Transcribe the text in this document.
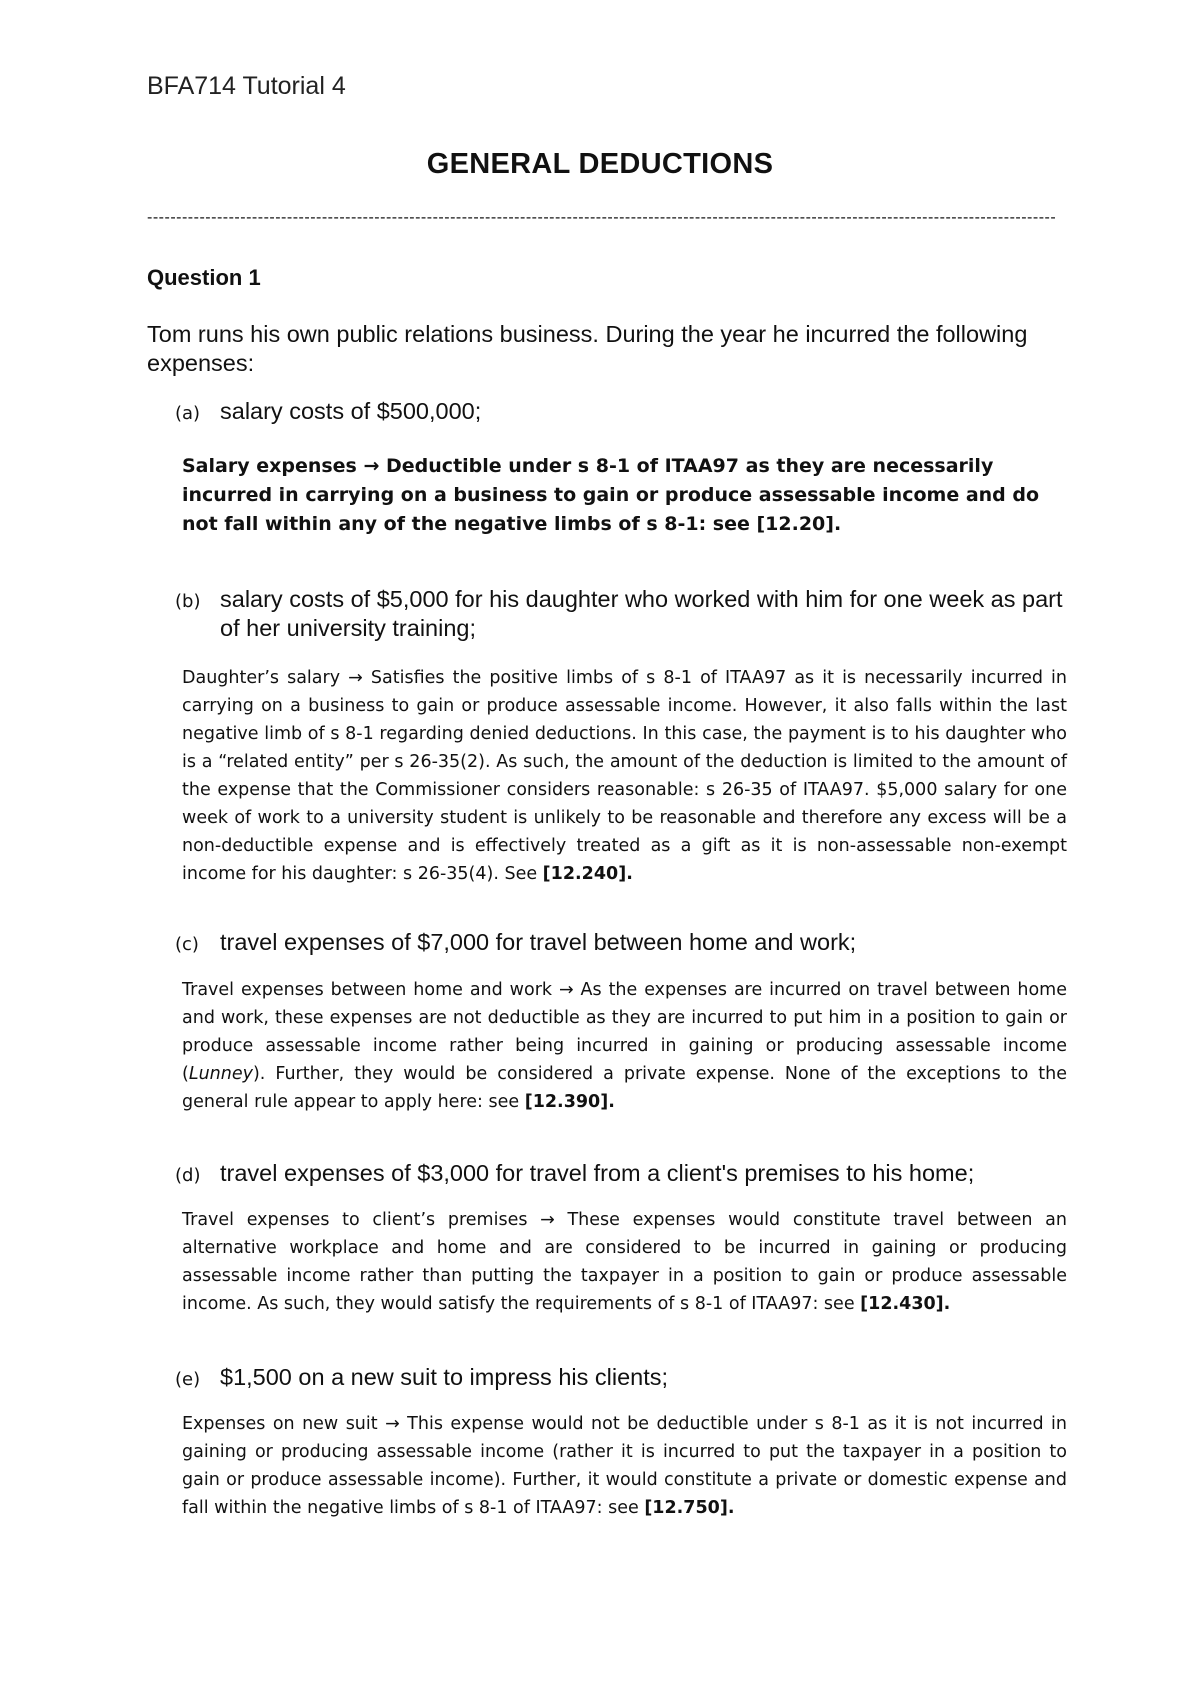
BFA714 Tutorial 4
GENERAL DEDUCTIONS
------------------------------------------------------------------------------------------------------------------------------------------------------------
Question 1
Tom runs his own public relations business. During the year he incurred the following expenses:
(a) salary costs of $500,000;
Salary expenses → Deductible under s 8-1 of ITAA97 as they are necessarily incurred in carrying on a business to gain or produce assessable income and do not fall within any of the negative limbs of s 8-1: see [12.20].
(b) salary costs of $5,000 for his daughter who worked with him for one week as part of her university training;
Daughter’s salary → Satisfies the positive limbs of s 8-1 of ITAA97 as it is necessarily incurred in carrying on a business to gain or produce assessable income. However, it also falls within the last negative limb of s 8-1 regarding denied deductions. In this case, the payment is to his daughter who is a “related entity” per s 26-35(2). As such, the amount of the deduction is limited to the amount of the expense that the Commissioner considers reasonable: s 26-35 of ITAA97. $5,000 salary for one week of work to a university student is unlikely to be reasonable and therefore any excess will be a non-deductible expense and is effectively treated as a gift as it is non-assessable non-exempt income for his daughter: s 26-35(4). See [12.240].
(c) travel expenses of $7,000 for travel between home and work;
Travel expenses between home and work → As the expenses are incurred on travel between home and work, these expenses are not deductible as they are incurred to put him in a position to gain or produce assessable income rather being incurred in gaining or producing assessable income (Lunney). Further, they would be considered a private expense. None of the exceptions to the general rule appear to apply here: see [12.390].
(d) travel expenses of $3,000 for travel from a client's premises to his home;
Travel expenses to client’s premises → These expenses would constitute travel between an alternative workplace and home and are considered to be incurred in gaining or producing assessable income rather than putting the taxpayer in a position to gain or produce assessable income. As such, they would satisfy the requirements of s 8-1 of ITAA97: see [12.430].
(e) $1,500 on a new suit to impress his clients;
Expenses on new suit → This expense would not be deductible under s 8-1 as it is not incurred in gaining or producing assessable income (rather it is incurred to put the taxpayer in a position to gain or produce assessable income). Further, it would constitute a private or domestic expense and fall within the negative limbs of s 8-1 of ITAA97: see [12.750].
